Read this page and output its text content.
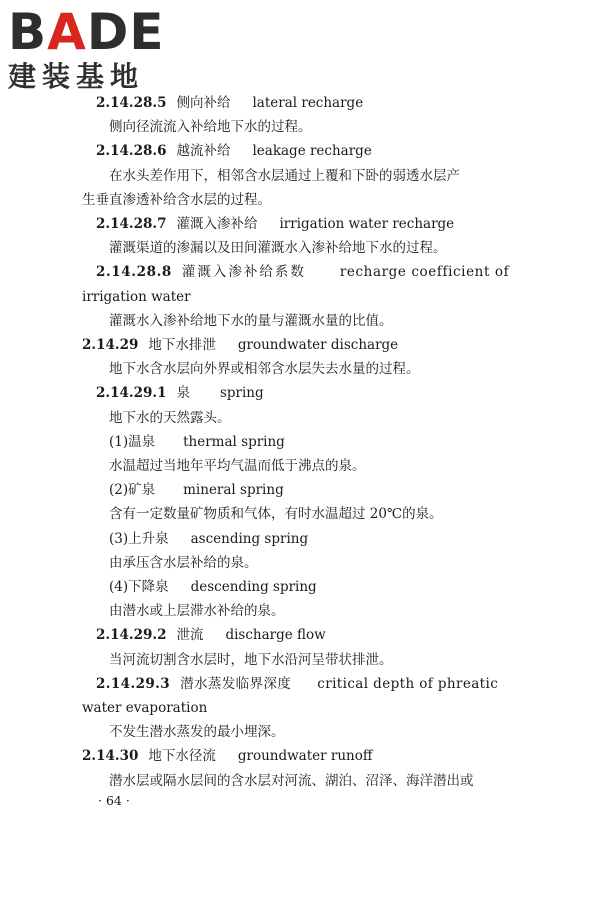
B A DE
建装基地
2.14.28.5 侧向补给 lateral recharge
侧向径流流入补给地下水的过程。
2.14.28.6 越流补给 leakage recharge
在水头差作用下，相邻含水层通过上覆和下卧的弱透水层产
生垂直渗透补给含水层的过程。
2.14.28.7 灌溉入渗补给 irrigation water recharge
灌溉渠道的渗漏以及田间灌溉水入渗补给地下水的过程。
2.14.28.8 灌溉入渗补给系数	recharge coefficient of
irrigation water
灌溉水入渗补给地下水的量与灌溉水量的比值。
2.14.29 地下水排泄 groundwater discharge
地下水含水层向外界或相邻含水层失去水量的过程。
2.14.29.1 泉 spring
地下水的天然露头。
(1)温泉 thermal spring
水温超过当地年平均气温而低于沸点的泉。
(2)矿泉 mineral spring
含有一定数量矿物质和气体，有时水温超过 20℃的泉。
(3)上升泉 ascending spring
由承压含水层补给的泉。
(4)下降泉 descending spring
由潜水或上层滞水补给的泉。
2.14.29.2 泄流 discharge flow
当河流切割含水层时，地下水沿河呈带状排泄。
2.14.29.3 潜水蒸发临界深度 critical depth of phreatic
water evaporation
不发生潜水蒸发的最小埋深。
2.14.30 地下水径流 groundwater runoff
潜水层或隔水层间的含水层对河流、湖泊、沼泽、海洋潜出或
· 64 ·
